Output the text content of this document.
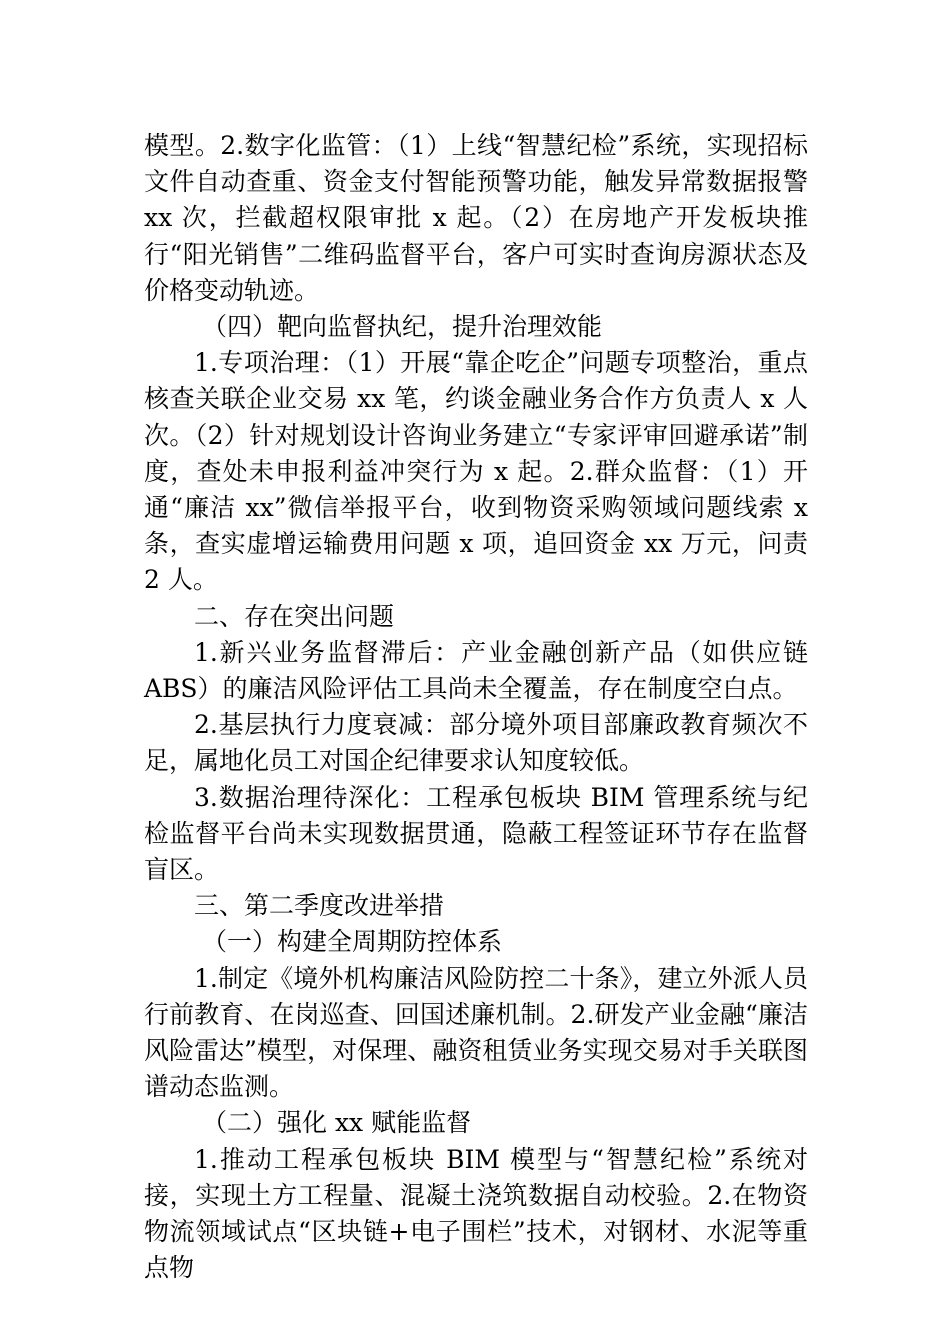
模型。2.数字化监管：（1）上线“智慧纪检”系统，实现招标文件自动查重、资金支付智能预警功能，触发异常数据报警 xx 次，拦截超权限审批 x 起。（2）在房地产开发板块推行“阳光销售”二维码监督平台，客户可实时查询房源状态及价格变动轨迹。

（四）靶向监督执纪，提升治理效能

1.专项治理：（1）开展“靠企吃企”问题专项整治，重点核查关联企业交易 xx 笔，约谈金融业务合作方负责人 x 人次。（2）针对规划设计咨询业务建立“专家评审回避承诺”制度，查处未申报利益冲突行为 x 起。2.群众监督：（1）开通“廉洁 xx”微信举报平台，收到物资采购领域问题线索 x 条，查实虚增运输费用问题 x 项，追回资金 xx 万元，问责 2 人。

二、存在突出问题

1.新兴业务监督滞后：产业金融创新产品（如供应链 ABS）的廉洁风险评估工具尚未全覆盖，存在制度空白点。

2.基层执行力度衰减：部分境外项目部廉政教育频次不足，属地化员工对国企纪律要求认知度较低。

3.数据治理待深化：工程承包板块 BIM 管理系统与纪检监督平台尚未实现数据贯通，隐蔽工程签证环节存在监督盲区。

三、第二季度改进举措

（一）构建全周期防控体系

1.制定《境外机构廉洁风险防控二十条》，建立外派人员行前教育、在岗巡查、回国述廉机制。2.研发产业金融“廉洁风险雷达”模型，对保理、融资租赁业务实现交易对手关联图谱动态监测。

（二）强化 xx 赋能监督

1.推动工程承包板块 BIM 模型与“智慧纪检”系统对接，实现土方工程量、混凝土浇筑数据自动校验。2.在物资物流领域试点“区块链+电子围栏”技术，对钢材、水泥等重点物
